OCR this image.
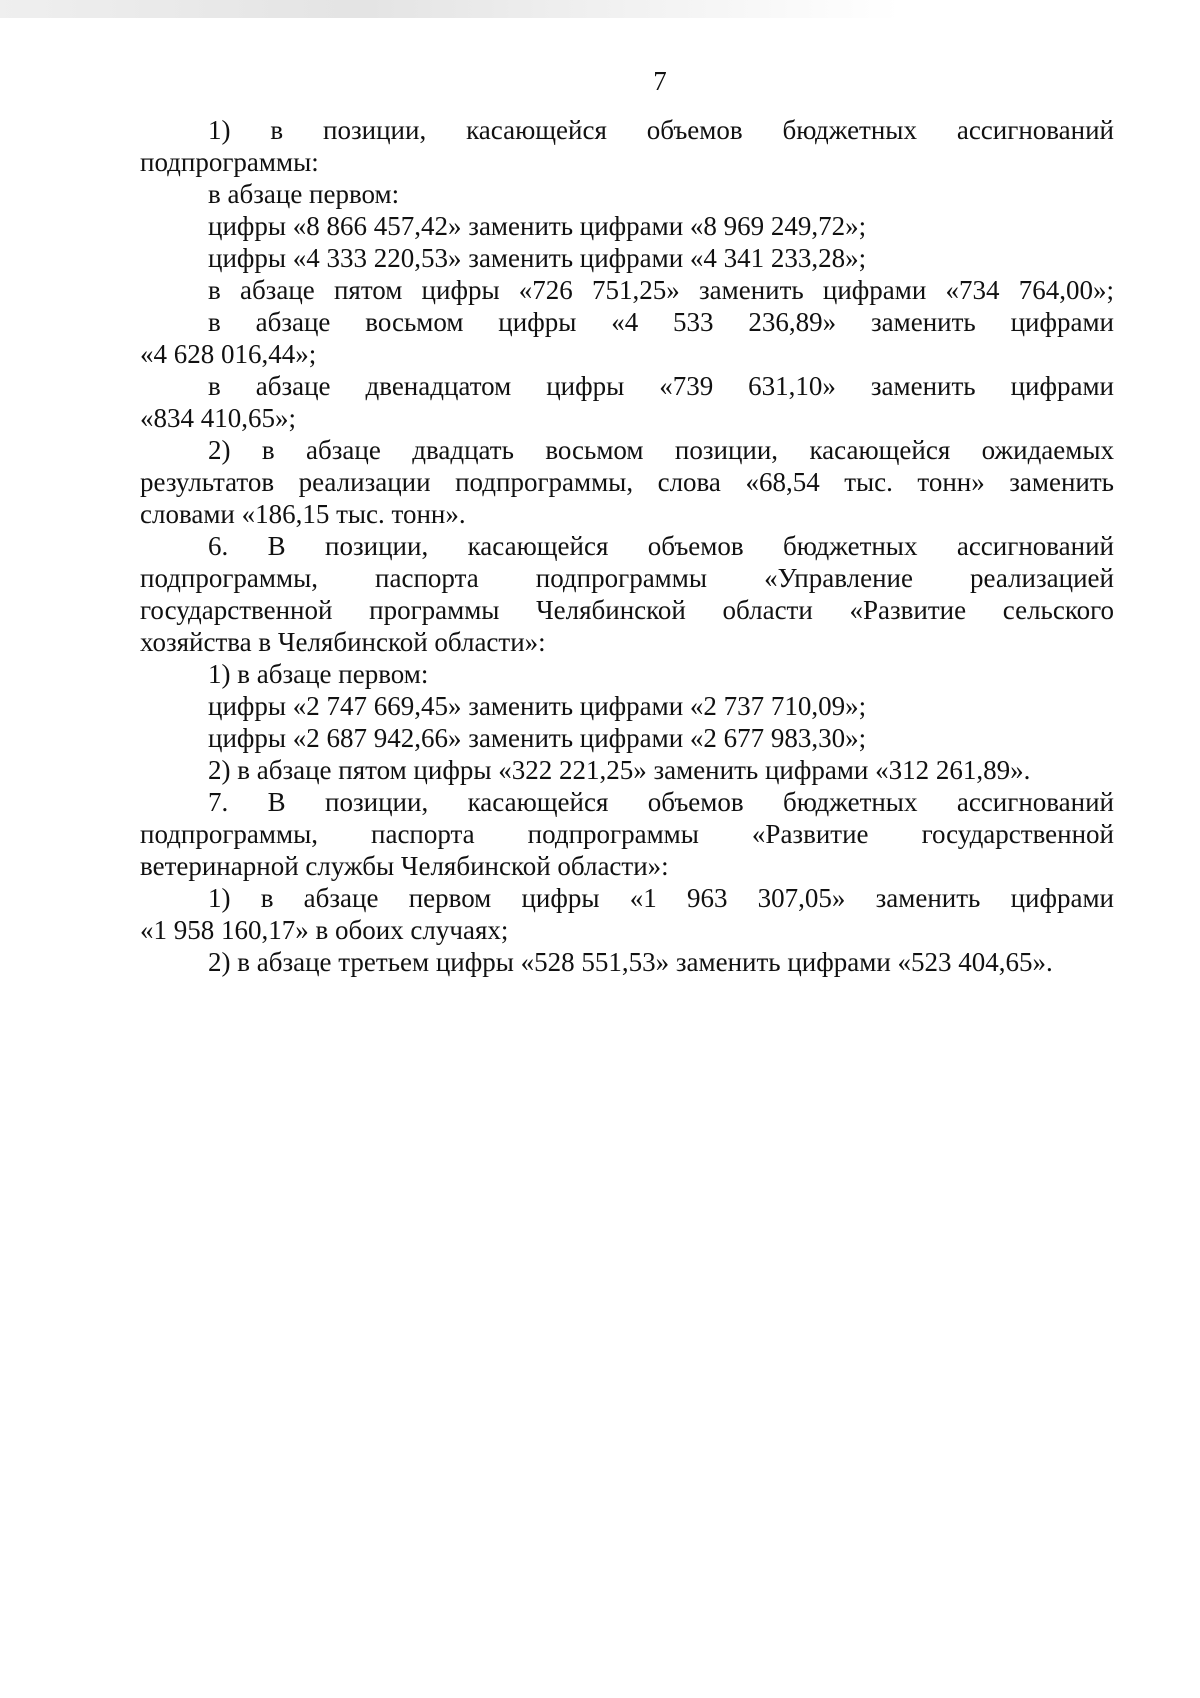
7
1) в позиции, касающейся объемов бюджетных ассигнований
подпрограммы:
в абзаце первом:
цифры «8 866 457,42» заменить цифрами «8 969 249,72»;
цифры «4 333 220,53» заменить цифрами «4 341 233,28»;
в абзаце пятом цифры «726 751,25» заменить цифрами «734 764,00»;
в абзаце восьмом цифры «4 533 236,89» заменить цифрами
«4 628 016,44»;
в абзаце двенадцатом цифры «739 631,10» заменить цифрами
«834 410,65»;
2) в абзаце двадцать восьмом позиции, касающейся ожидаемых
результатов реализации подпрограммы, слова «68,54 тыс. тонн» заменить
словами «186,15 тыс. тонн».
6. В позиции, касающейся объемов бюджетных ассигнований
подпрограммы, паспорта подпрограммы «Управление реализацией
государственной программы Челябинской области «Развитие сельского
хозяйства в Челябинской области»:
1) в абзаце первом:
цифры «2 747 669,45» заменить цифрами «2 737 710,09»;
цифры «2 687 942,66» заменить цифрами «2 677 983,30»;
2) в абзаце пятом цифры «322 221,25» заменить цифрами «312 261,89».
7. В позиции, касающейся объемов бюджетных ассигнований
подпрограммы, паспорта подпрограммы «Развитие государственной
ветеринарной службы Челябинской области»:
1) в абзаце первом цифры «1 963 307,05» заменить цифрами
«1 958 160,17» в обоих случаях;
2) в абзаце третьем цифры «528 551,53» заменить цифрами «523 404,65».
